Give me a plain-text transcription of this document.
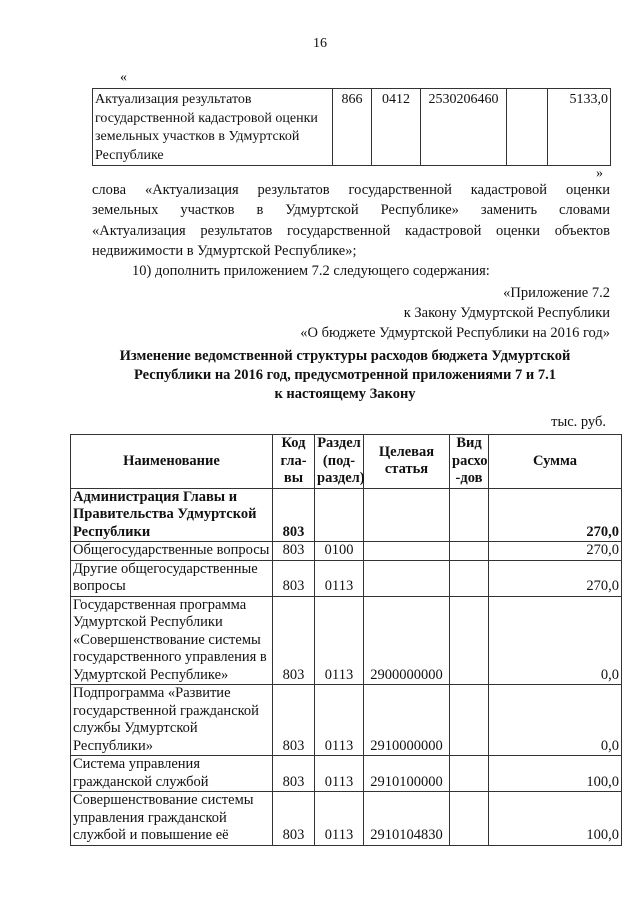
16
«
Актуализация результатов государственной кадастровой оценки земельных участков в Удмуртской Республике	866	0412	2530206460		5133,0
»
слова «Актуализация результатов государственной кадастровой оценки
земельных участков в Удмуртской Республике» заменить словами
«Актуализация результатов государственной кадастровой оценки объектов
недвижимости в Удмуртской Республике»;
10) дополнить приложением 7.2 следующего содержания:
«Приложение 7.2
к Закону Удмуртской Республики
«О бюджете Удмуртской Республики на 2016 год»
Изменение ведомственной структуры расходов бюджета Удмуртской
Республики на 2016 год, предусмотренной приложениями 7 и 7.1
к настоящему Закону
тыс. руб.
Наименование	Код гла-вы	Раздел (под-раздел)	Целевая статья	Вид расхо -дов	Сумма
Администрация Главы и Правительства Удмуртской Республики	803				270,0
Общегосударственные вопросы	803	0100			270,0
Другие общегосударственные вопросы	803	0113			270,0
Государственная программа Удмуртской Республики «Совершенствование системы государственного управления в Удмуртской Республике»	803	0113	2900000000		0,0
Подпрограмма «Развитие государственной гражданской службы Удмуртской Республики»	803	0113	2910000000		0,0
Система управления гражданской службой	803	0113	2910100000		100,0
Совершенствование системы управления гражданской службой и повышение её	803	0113	2910104830		100,0
